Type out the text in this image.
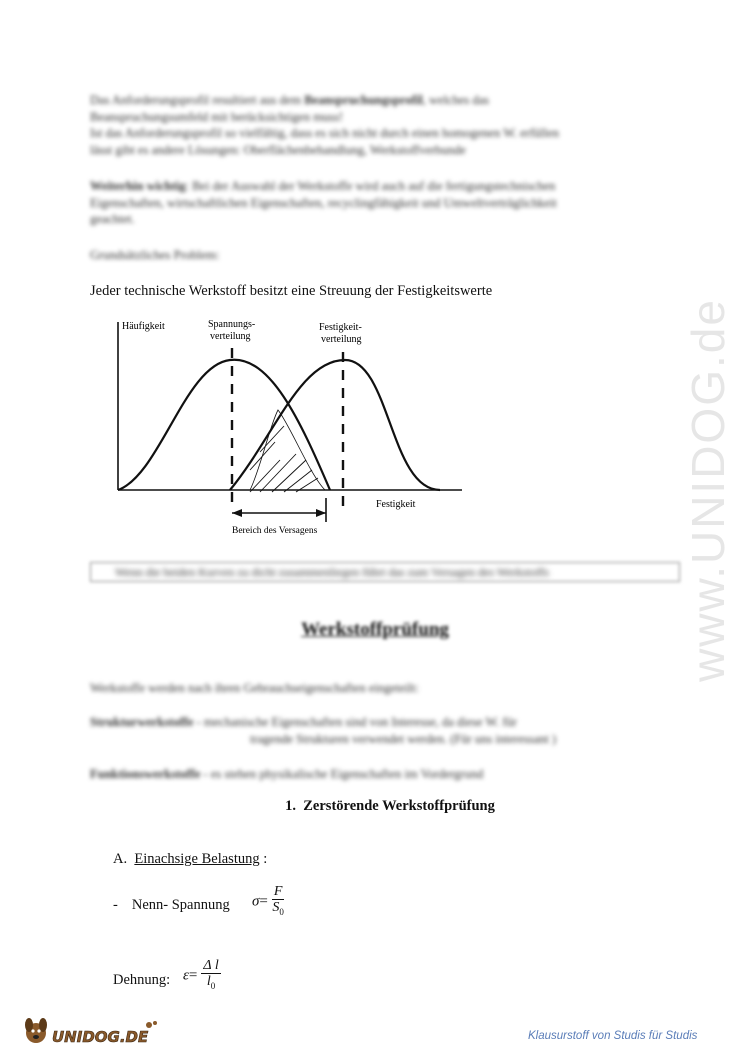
www.UNIDOG.de

Das Anforderungsprofil resultiert aus dem Beanspruchungsprofil, welches das

Beanspruchungsumfeld mit berücksichtigen muss!

Ist das Anforderungsprofil so vielfältig, dass es sich nicht durch einen homogenen W. erfüllen

lässt gibt es andere Lösungen: Oberflächenbehandlung, Werkstoffverbunde

Weiterhin wichtig: Bei der Auswahl der Werkstoffe wird auch auf die fertigungstechnischen

Eigenschaften, wirtschaftlichen Eigenschaften, recyclingfähigkeit und Umweltverträglichkeit

geachtet.

Grundsätzliches Problem:

Jeder technische Werkstoff besitzt eine Streuung der Festigkeitswerte
Häufigkeit	Spannungs-
verteilung
Festigkeit-
verteilung
Festigkeit
Bereich des Versagens
Wenn die beiden Kurven zu dicht zusammenliegen führt das zum Versagen des Werkstoffs
Werkstoffprüfung

Werkstoffe werden nach ihren Gebrauchseigenschaften eingeteilt:

Strukturwerkstoffe - mechanische Eigenschaften sind von Interesse, da diese W. für

tragende Strukturen verwendet werden. (Für uns interessant )

Funktionswerkstoffe - es stehen physikalische Eigenschaften im Vordergrund

1. Zerstörende Werkstoffprüfung
A. Einachsige Belastung :
- Nenn- Spannung $\sigma= \frac{F}{S_0}$
Dehnung: $\varepsilon= \frac{\text{Δ l}}{l_0}$
UNIDOG.DE	Klausurstoff von Studis für Studis
